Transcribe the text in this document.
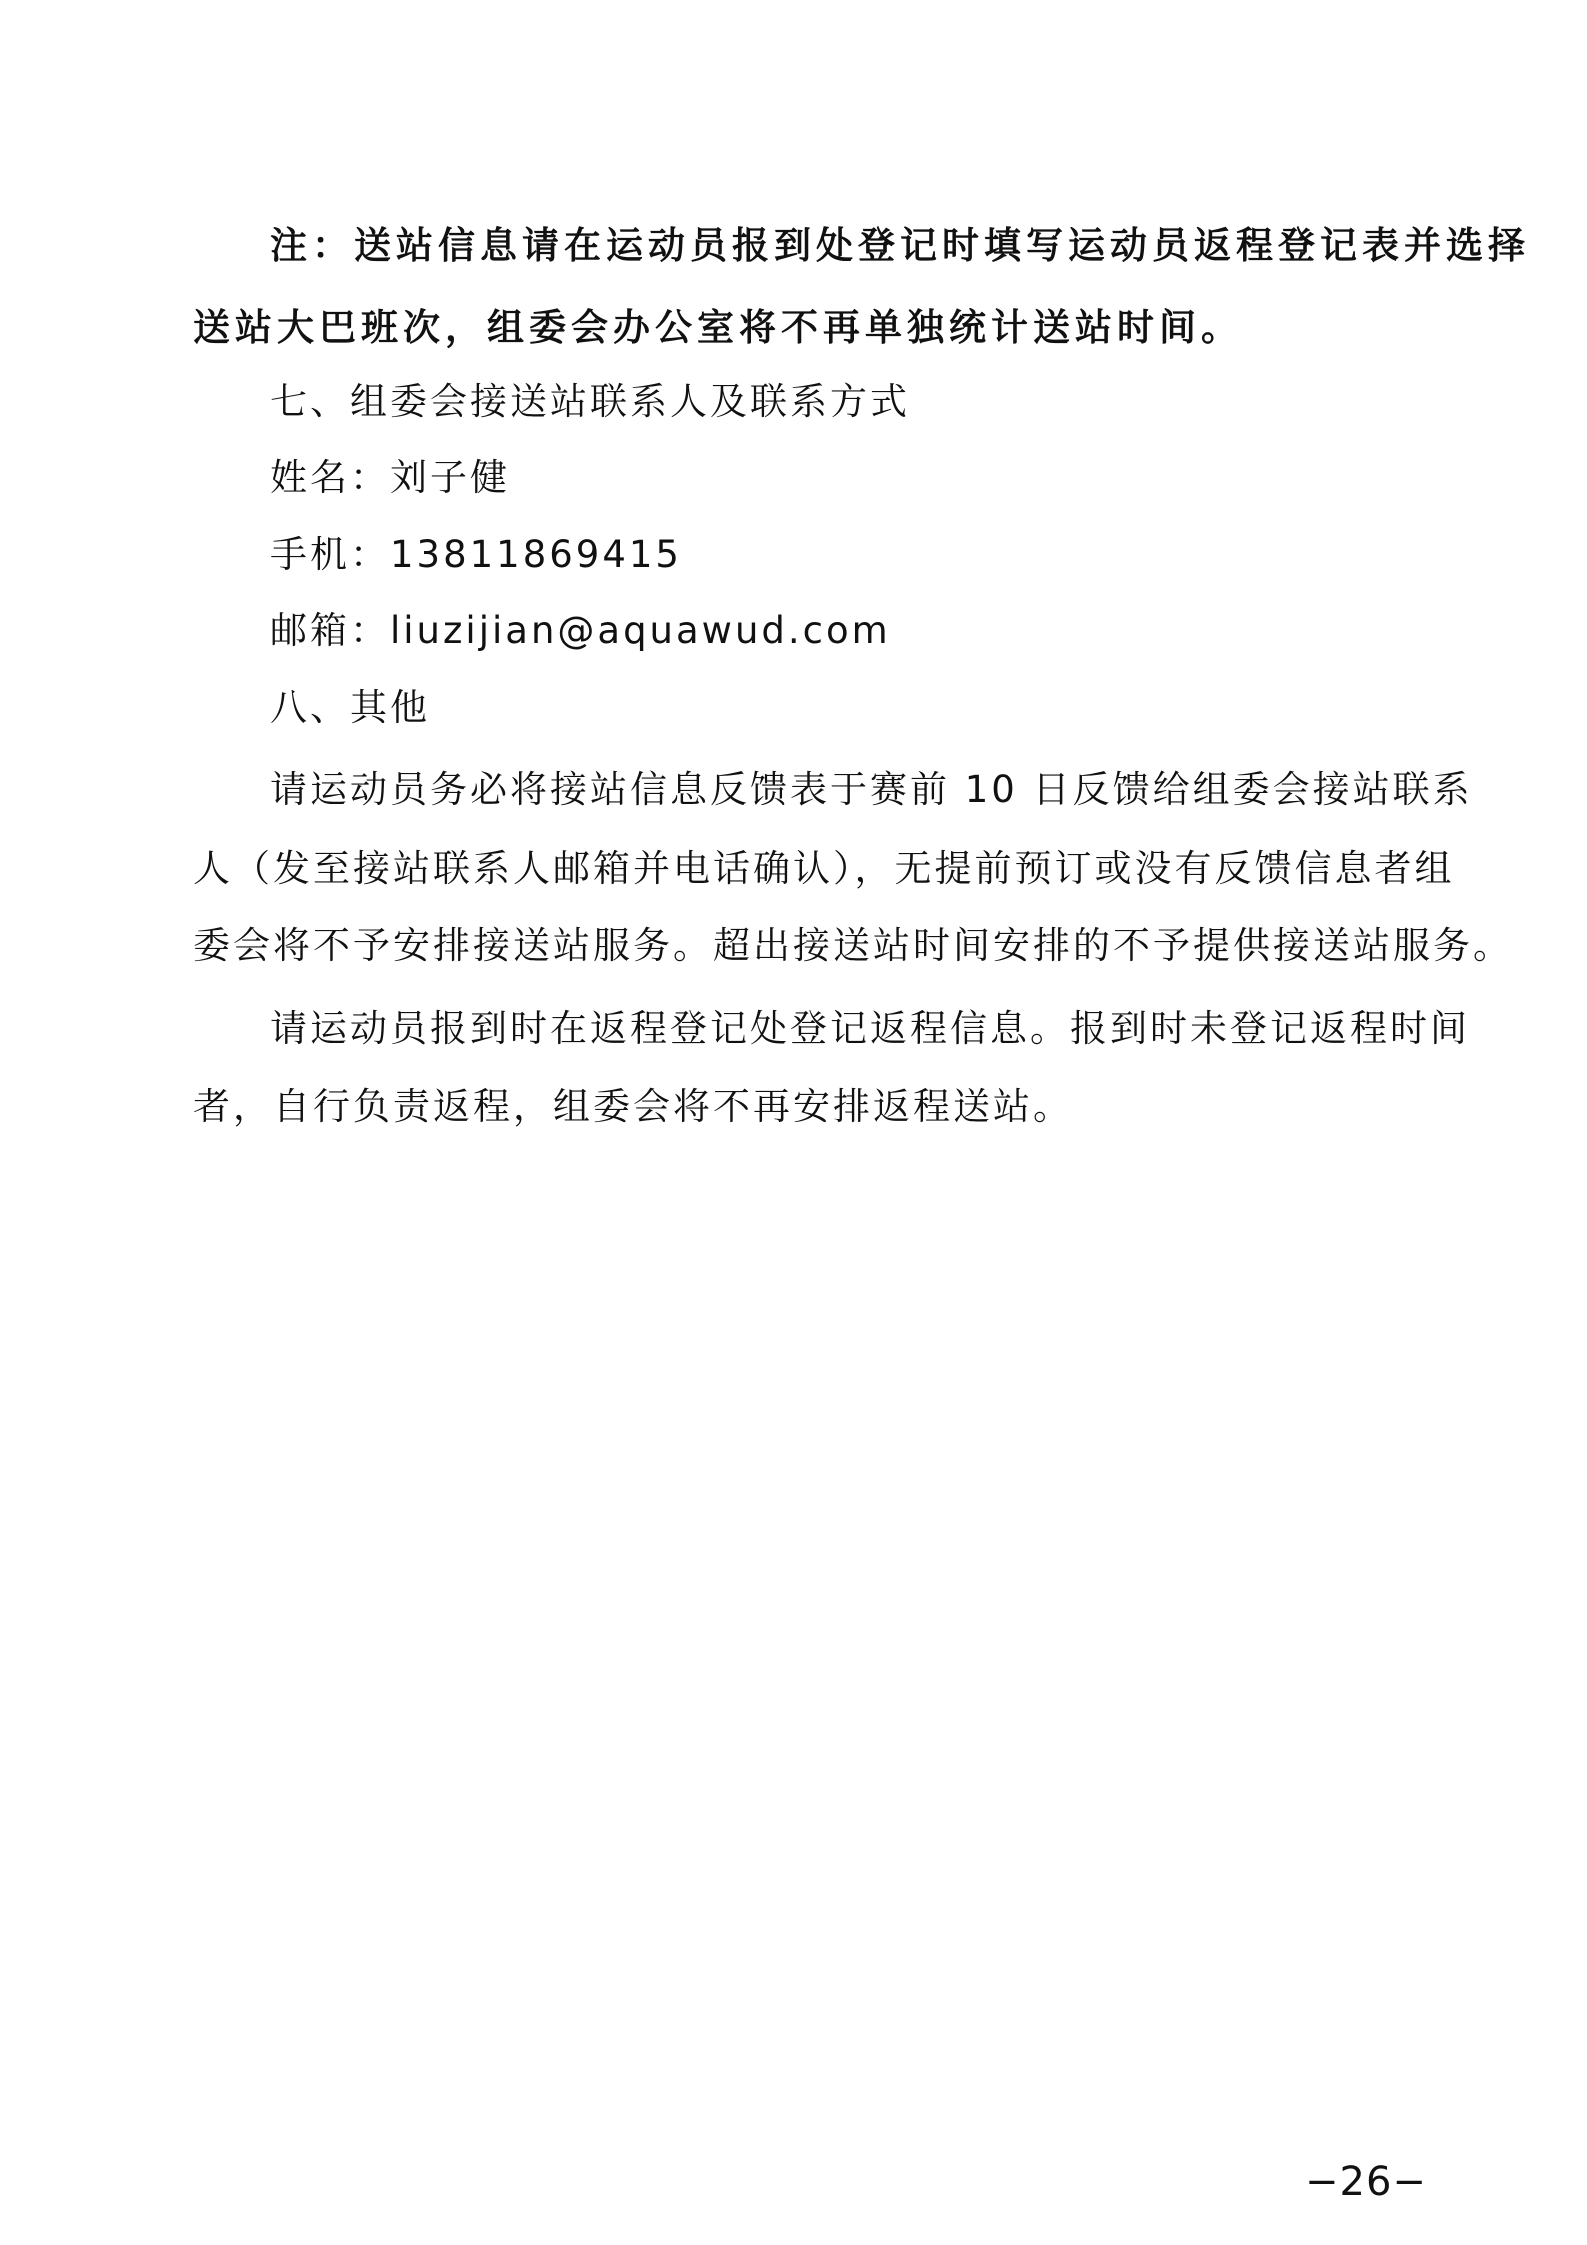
注：送站信息请在运动员报到处登记时填写运动员返程登记表并选择
送站大巴班次，组委会办公室将不再单独统计送站时间。
七、组委会接送站联系人及联系方式
姓名：刘子健
手机：13811869415
邮箱：liuzijian@aquawud.com
八、其他
请运动员务必将接站信息反馈表于赛前 10 日反馈给组委会接站联系
人（发至接站联系人邮箱并电话确认），无提前预订或没有反馈信息者组
委会将不予安排接送站服务。超出接送站时间安排的不予提供接送站服务。
请运动员报到时在返程登记处登记返程信息。报到时未登记返程时间
者，自行负责返程，组委会将不再安排返程送站。
−26−
